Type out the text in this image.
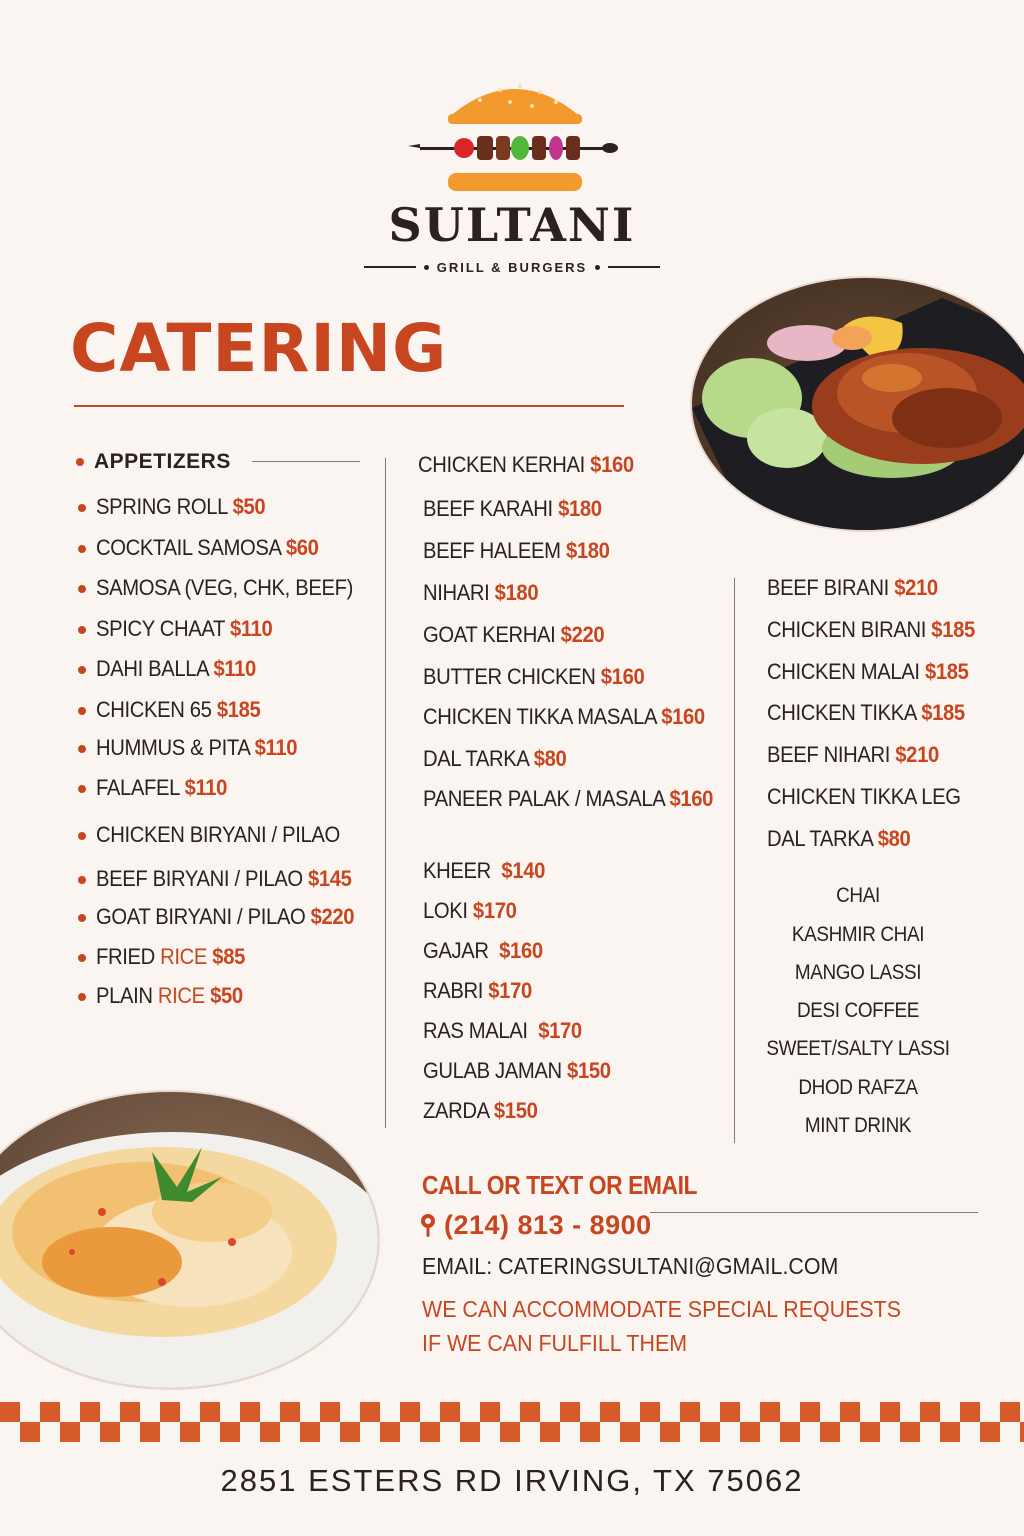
SULTANI
GRILL & BURGERS
CATERING
APPETIZERS
SPRING ROLL $50
COCKTAIL SAMOSA $60
SAMOSA (VEG, CHK, BEEF)
SPICY CHAAT $110
DAHI BALLA $110
CHICKEN 65 $185
HUMMUS & PITA $110
FALAFEL $110
CHICKEN BIRYANI / PILAO
BEEF BIRYANI / PILAO $145
GOAT BIRYANI / PILAO $220
FRIED RICE $85
PLAIN RICE $50
CHICKEN KERHAI $160
BEEF KARAHI $180
BEEF HALEEM $180
NIHARI $180
GOAT KERHAI $220
BUTTER CHICKEN $160
CHICKEN TIKKA MASALA $160
DAL TARKA $80
PANEER PALAK / MASALA $160
KHEER $140
LOKI $170
GAJAR $160
RABRI $170
RAS MALAI $170
GULAB JAMAN $150
ZARDA $150
BEEF BIRANI $210
CHICKEN BIRANI $185
CHICKEN MALAI $185
CHICKEN TIKKA $185
BEEF NIHARI $210
CHICKEN TIKKA LEG
DAL TARKA $80
CHAI
KASHMIR CHAI
MANGO LASSI
DESI COFFEE
SWEET/SALTY LASSI
DHOD RAFZA
MINT DRINK
CALL OR TEXT OR EMAIL
(214) 813 - 8900
EMAIL: CATERINGSULTANI@GMAIL.COM
WE CAN ACCOMMODATE SPECIAL REQUESTS
IF WE CAN FULFILL THEM
2851 ESTERS RD IRVING, TX 75062
